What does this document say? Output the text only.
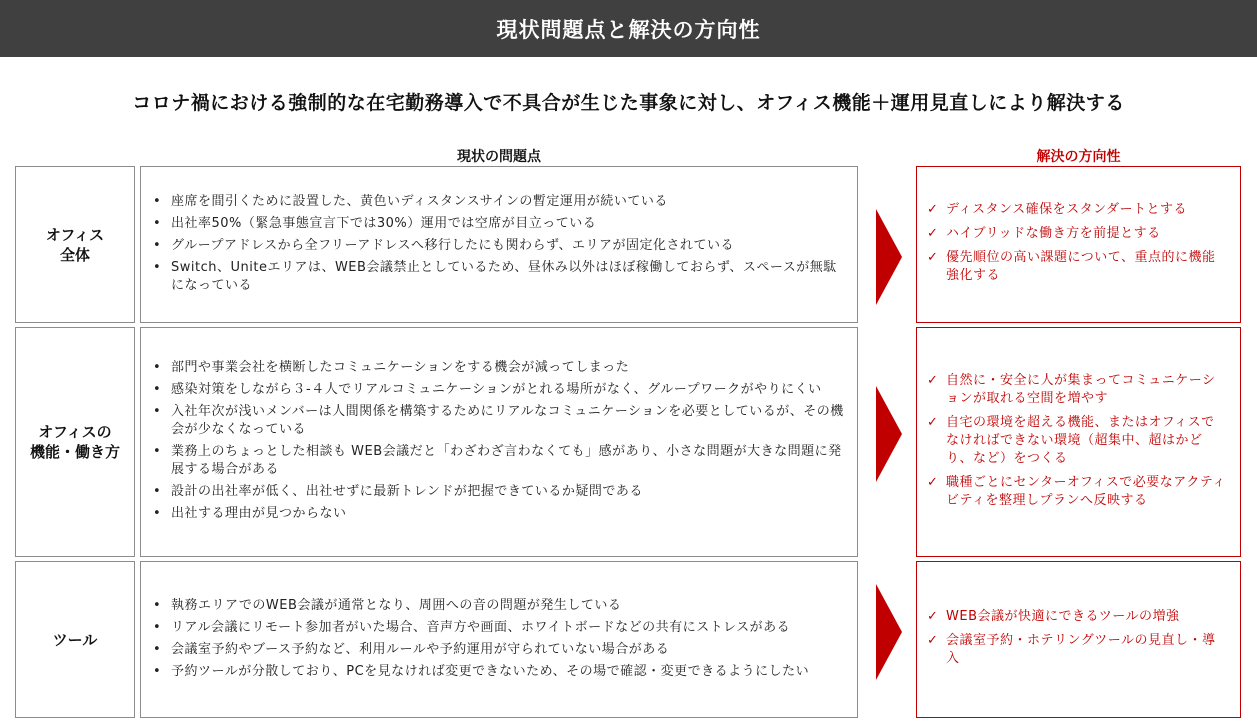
現状問題点と解決の方向性
コロナ禍における強制的な在宅勤務導入で不具合が生じた事象に対し、オフィス機能＋運用見直しにより解決する
現状の問題点	解決の方向性
オフィス
全体
• 座席を間引くために設置した、黄色いディスタンスサインの暫定運用が続いている
• 出社率50%（緊急事態宣言下では30%）運用では空席が目立っている
• グループアドレスから全フリーアドレスへ移行したにも関わらず、エリアが固定化されている
• Switch、Uniteエリアは、WEB会議禁止としているため、昼休み以外はほぼ稼働しておらず、スペースが無駄になっている
✓ ディスタンス確保をスタンダートとする
✓ ハイブリッドな働き方を前提とする
✓ 優先順位の高い課題について、重点的に機能強化する
オフィスの
機能・働き方
• 部門や事業会社を横断したコミュニケーションをする機会が減ってしまった
• 感染対策をしながら３-４人でリアルコミュニケーションがとれる場所がなく、グループワークがやりにくい
• 入社年次が浅いメンバーは人間関係を構築するためにリアルなコミュニケーションを必要としているが、その機会が少なくなっている
• 業務上のちょっとした相談も WEB会議だと「わざわざ言わなくても」感があり、小さな問題が大きな問題に発展する場合がある
• 設計の出社率が低く、出社せずに最新トレンドが把握できているか疑問である
• 出社する理由が見つからない
✓ 自然に・安全に人が集まってコミュニケーションが取れる空間を増やす
✓ 自宅の環境を超える機能、またはオフィスでなければできない環境（超集中、超はかどり、など）をつくる
✓ 職種ごとにセンターオフィスで必要なアクティビティを整理しプランへ反映する
ツール
• 執務エリアでのWEB会議が通常となり、周囲への音の問題が発生している
• リアル会議にリモート参加者がいた場合、音声方や画面、ホワイトボードなどの共有にストレスがある
• 会議室予約やブース予約など、利用ルールや予約運用が守られていない場合がある
• 予約ツールが分散しており、PCを見なければ変更できないため、その場で確認・変更できるようにしたい
✓ WEB会議が快適にできるツールの増強
✓ 会議室予約・ホテリングツールの見直し・導入
